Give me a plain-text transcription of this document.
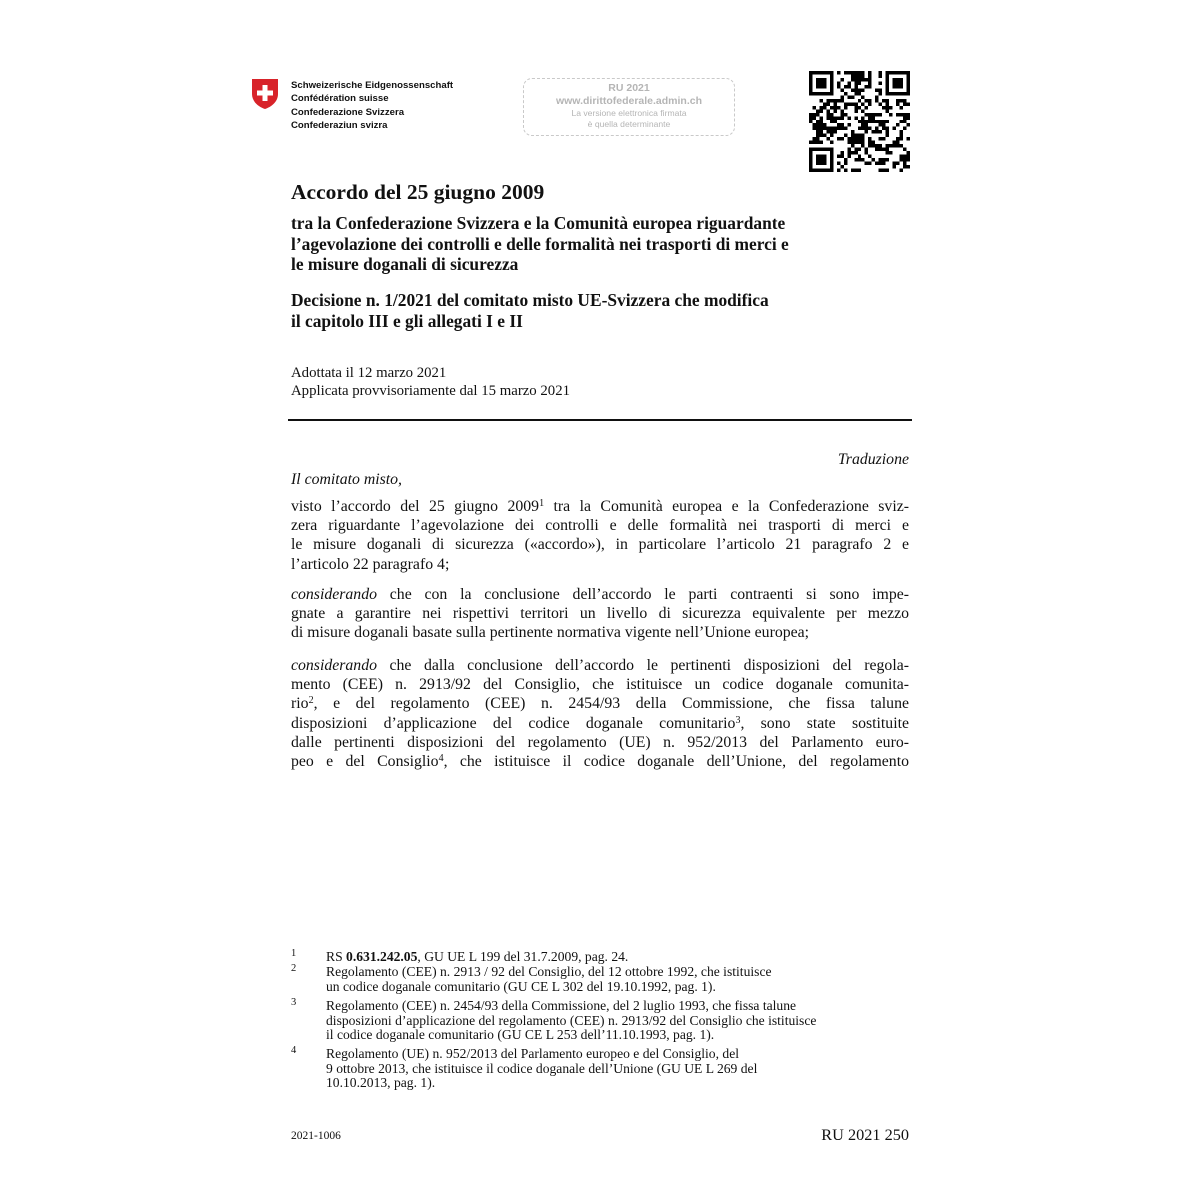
Schweizerische Eidgenossenschaft
Confédération suisse
Confederazione Svizzera
Confederaziun svizra
RU 2021
www.dirittofederale.admin.ch
La versione elettronica firmata
è quella determinante
Accordo del 25 giugno 2009
tra la Confederazione Svizzera e la Comunità europea riguardante
l’agevolazione dei controlli e delle formalità nei trasporti di merci e
le misure doganali di sicurezza
Decisione n. 1/2021 del comitato misto UE-Svizzera che modifica
il capitolo III e gli allegati I e II
Adottata il 12 marzo 2021
Applicata provvisoriamente dal 15 marzo 2021
Traduzione
Il comitato misto,
visto l’accordo del 25 giugno 2009$^1$ tra la Comunità europea e la Confederazione sviz-
zera riguardante l’agevolazione dei controlli e delle formalità nei trasporti di merci e
le misure doganali di sicurezza («accordo»), in particolare l’articolo 21 paragrafo 2 e
l’articolo 22 paragrafo 4;
considerando che con la conclusione dell’accordo le parti contraenti si sono impe-
gnate a garantire nei rispettivi territori un livello di sicurezza equivalente per mezzo
di misure doganali basate sulla pertinente normativa vigente nell’Unione europea;
considerando che dalla conclusione dell’accordo le pertinenti disposizioni del regola-
mento (CEE) n. 2913/92 del Consiglio, che istituisce un codice doganale comunita-
rio$^2$, e del regolamento (CEE) n. 2454/93 della Commissione, che fissa talune
disposizioni d’applicazione del codice doganale comunitario$^3$, sono state sostituite
dalle pertinenti disposizioni del regolamento (UE) n. 952/2013 del Parlamento euro-
peo e del Consiglio$^4$, che istituisce il codice doganale dell’Unione, del regolamento
1 RS 0.631.242.05, GU UE L 199 del 31.7.2009, pag. 24.
2 Regolamento (CEE) n. 2913 / 92 del Consiglio, del 12 ottobre 1992, che istituisce
un codice doganale comunitario (GU CE L 302 del 19.10.1992, pag. 1).
3 Regolamento (CEE) n. 2454/93 della Commissione, del 2 luglio 1993, che fissa talune
disposizioni d’applicazione del regolamento (CEE) n. 2913/92 del Consiglio che istituisce
il codice doganale comunitario (GU CE L 253 dell’11.10.1993, pag. 1).
4 Regolamento (UE) n. 952/2013 del Parlamento europeo e del Consiglio, del
9 ottobre 2013, che istituisce il codice doganale dell’Unione (GU UE L 269 del
10.10.2013, pag. 1).
2021-1006	RU 2021 250
